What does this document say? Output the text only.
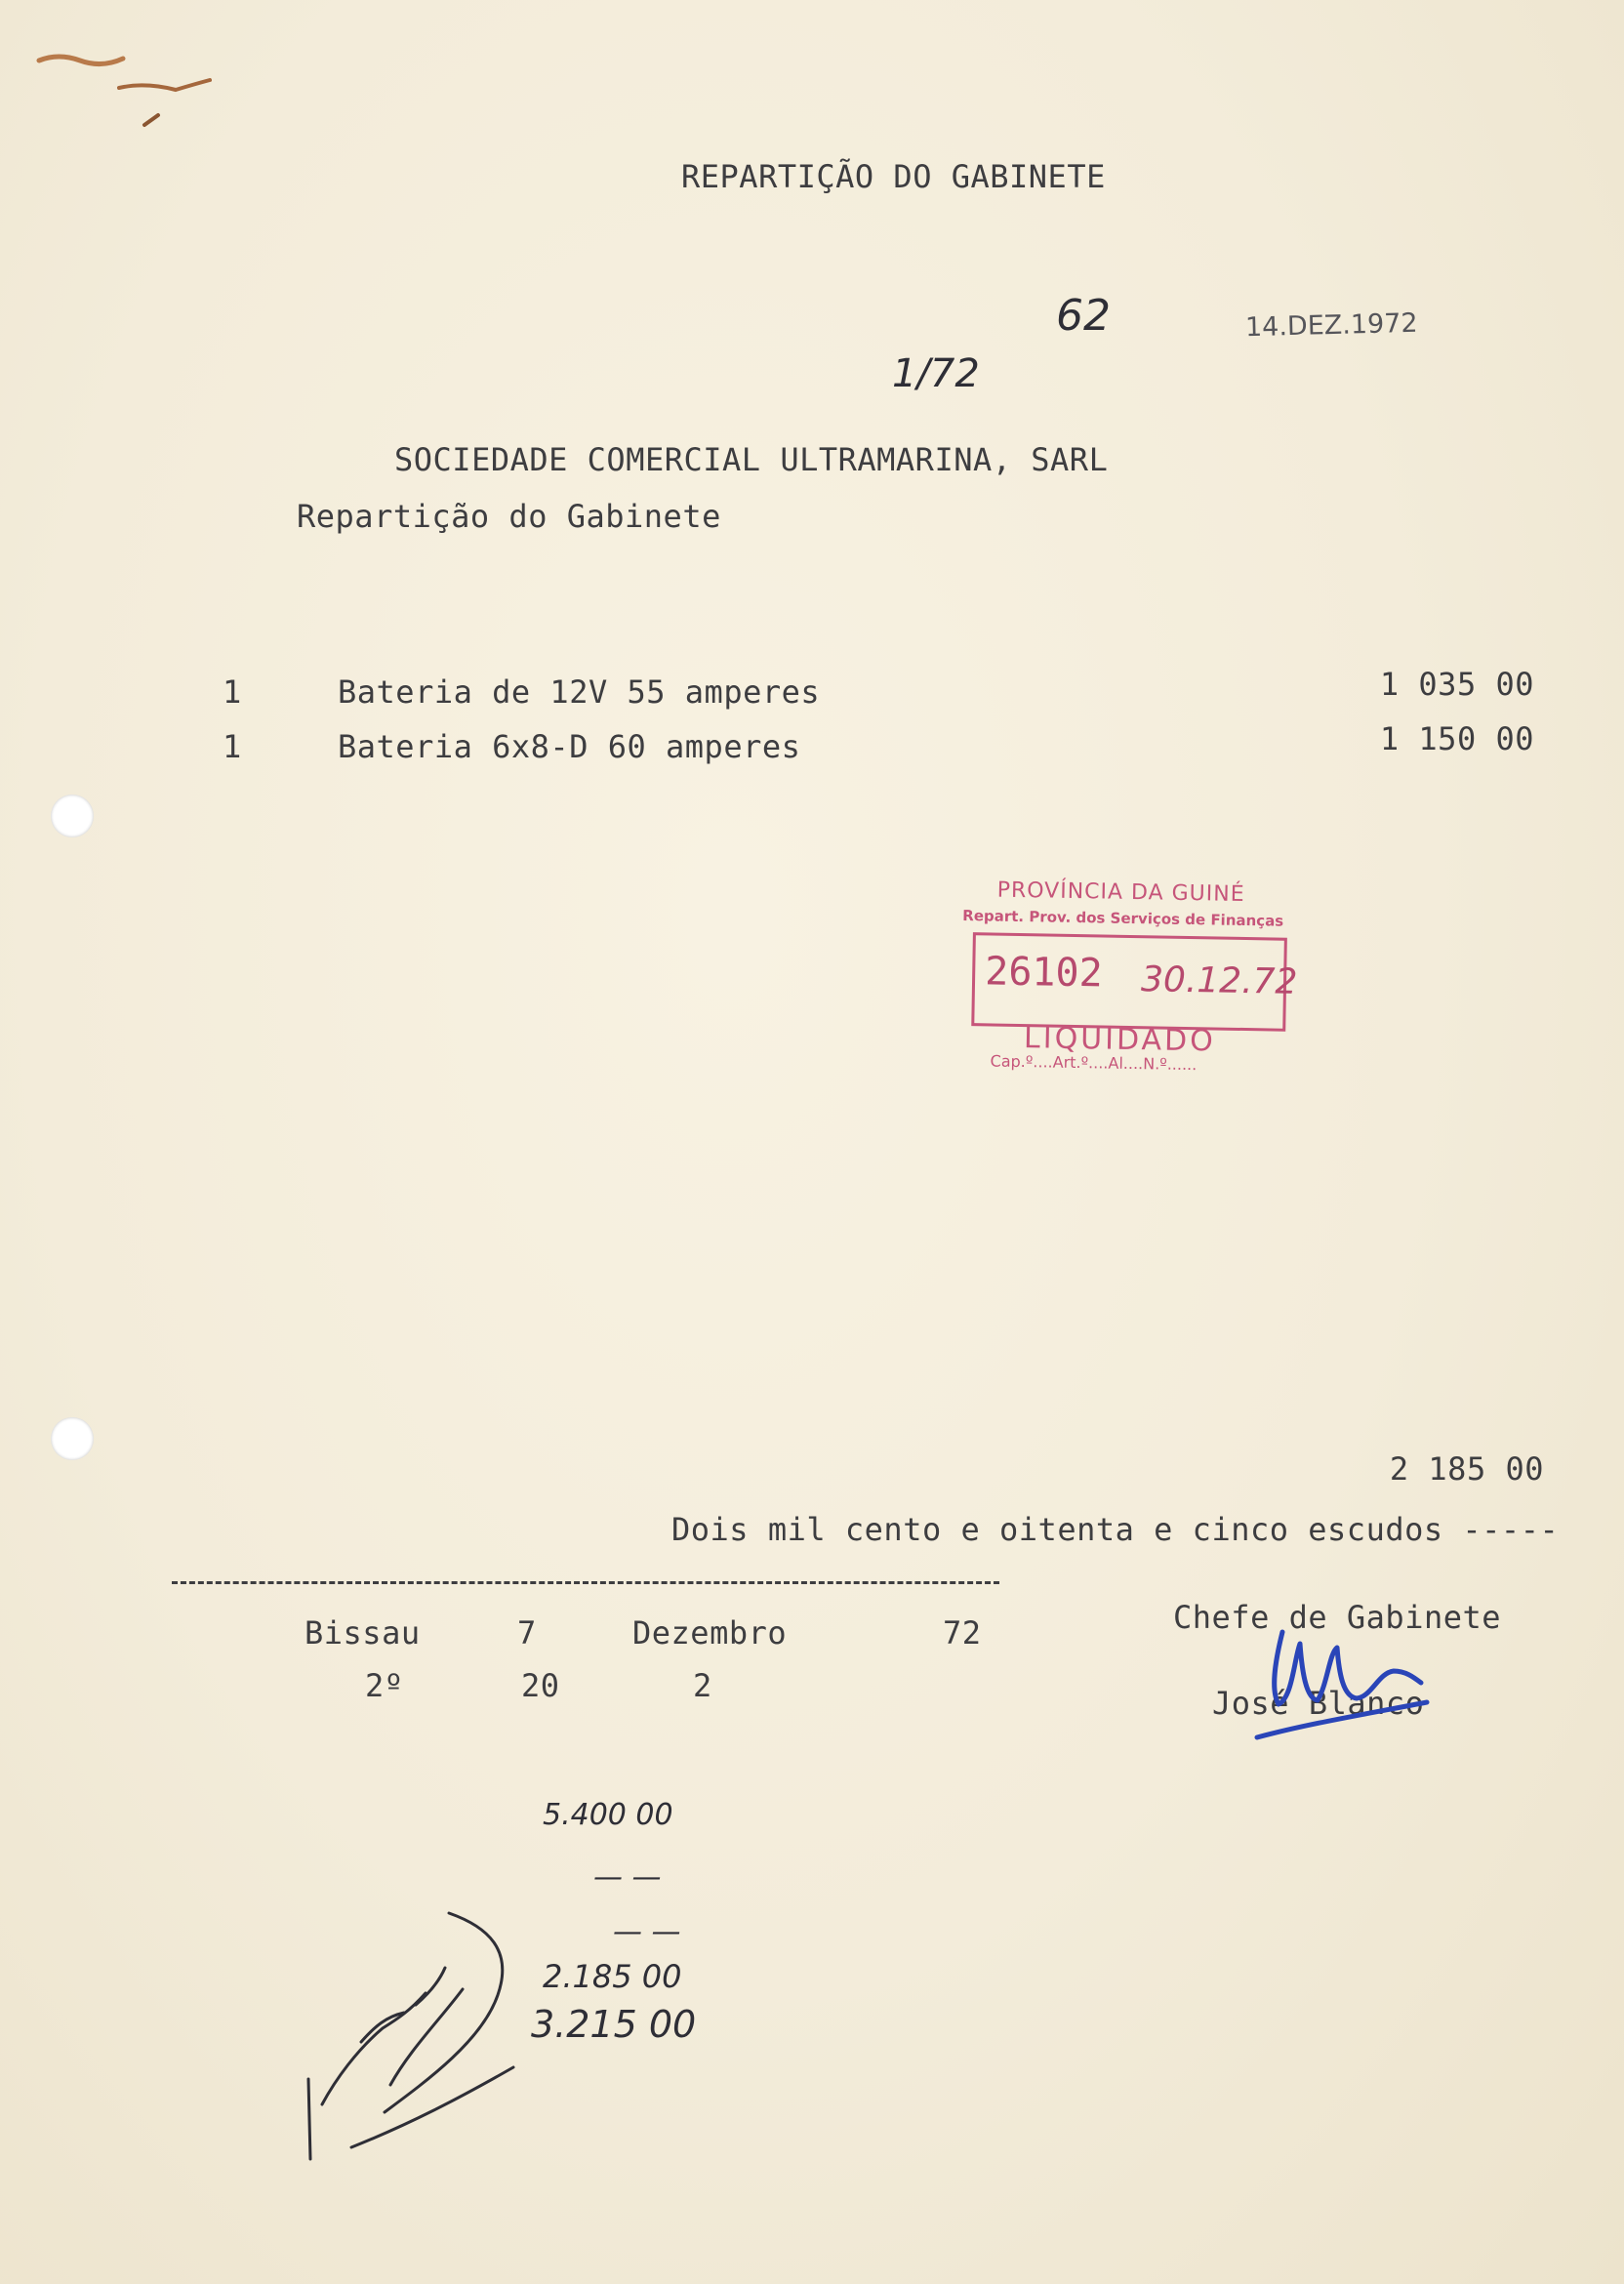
REPARTIÇÃO DO GABINETE
62	14.DEZ.1972
1/72
SOCIEDADE COMERCIAL ULTRAMARINA, SARL
Repartição do Gabinete
1	Bateria de 12V 55 amperes	1 035 00
1	Bateria 6x8-D 60 amperes	1 150 00
PROVÍNCIA DA GUINÉ
Repart. Prov. dos Serviços de Finanças
26102 30.12.72
LIQUIDADO
Cap.º....Art.º....Al....N.º......
2 185 00
Dois mil cento e oitenta e cinco escudos -----
Bissau	7	Dezembro	72
2º	20	2
Chefe de Gabinete
José Blanco
5.400 00
— —
— —
2.185 00
3.215 00
